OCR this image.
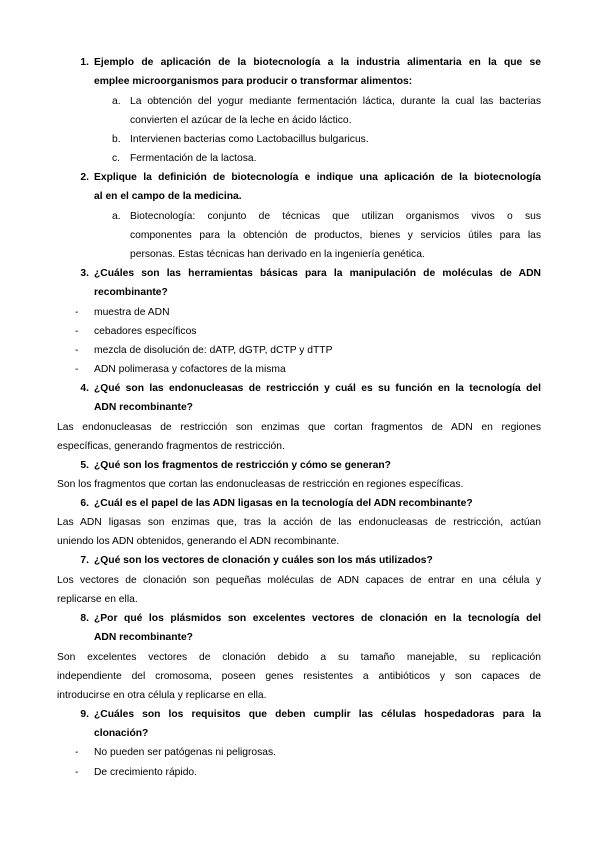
1. Ejemplo de aplicación de la biotecnología a la industria alimentaria en la que se
emplee microorganismos para producir o transformar alimentos:
a. La obtención del yogur mediante fermentación láctica, durante la cual las bacterias
convierten el azúcar de la leche en ácido láctico.
b. Intervienen bacterias como Lactobacillus bulgaricus.
c. Fermentación de la lactosa.
2. Explique la definición de biotecnología e indique una aplicación de la biotecnología
al en el campo de la medicina.
a. Biotecnología: conjunto de técnicas que utilizan organismos vivos o sus
componentes para la obtención de productos, bienes y servicios útiles para las
personas. Estas técnicas han derivado en la ingeniería genética.
3. ¿Cuáles son las herramientas básicas para la manipulación de moléculas de ADN
recombinante?
- muestra de ADN
- cebadores específicos
- mezcla de disolución de: dATP, dGTP, dCTP y dTTP
- ADN polimerasa y cofactores de la misma
4. ¿Qué son las endonucleasas de restricción y cuál es su función en la tecnología del
ADN recombinante?
Las endonucleasas de restricción son enzimas que cortan fragmentos de ADN en regiones
específicas, generando fragmentos de restricción.
5. ¿Qué son los fragmentos de restricción y cómo se generan?
Son los fragmentos que cortan las endonucleasas de restricción en regiones específicas.
6. ¿Cuál es el papel de las ADN ligasas en la tecnología del ADN recombinante?
Las ADN ligasas son enzimas que, tras la acción de las endonucleasas de restricción, actúan
uniendo los ADN obtenidos, generando el ADN recombinante.
7. ¿Qué son los vectores de clonación y cuáles son los más utilizados?
Los vectores de clonación son pequeñas moléculas de ADN capaces de entrar en una célula y
replicarse en ella.
8. ¿Por qué los plásmidos son excelentes vectores de clonación en la tecnología del
ADN recombinante?
Son excelentes vectores de clonación debido a su tamaño manejable, su replicación
independiente del cromosoma, poseen genes resistentes a antibióticos y son capaces de
introducirse en otra célula y replicarse en ella.
9. ¿Cuáles son los requisitos que deben cumplir las células hospedadoras para la
clonación?
- No pueden ser patógenas ni peligrosas.
- De crecimiento rápido.
